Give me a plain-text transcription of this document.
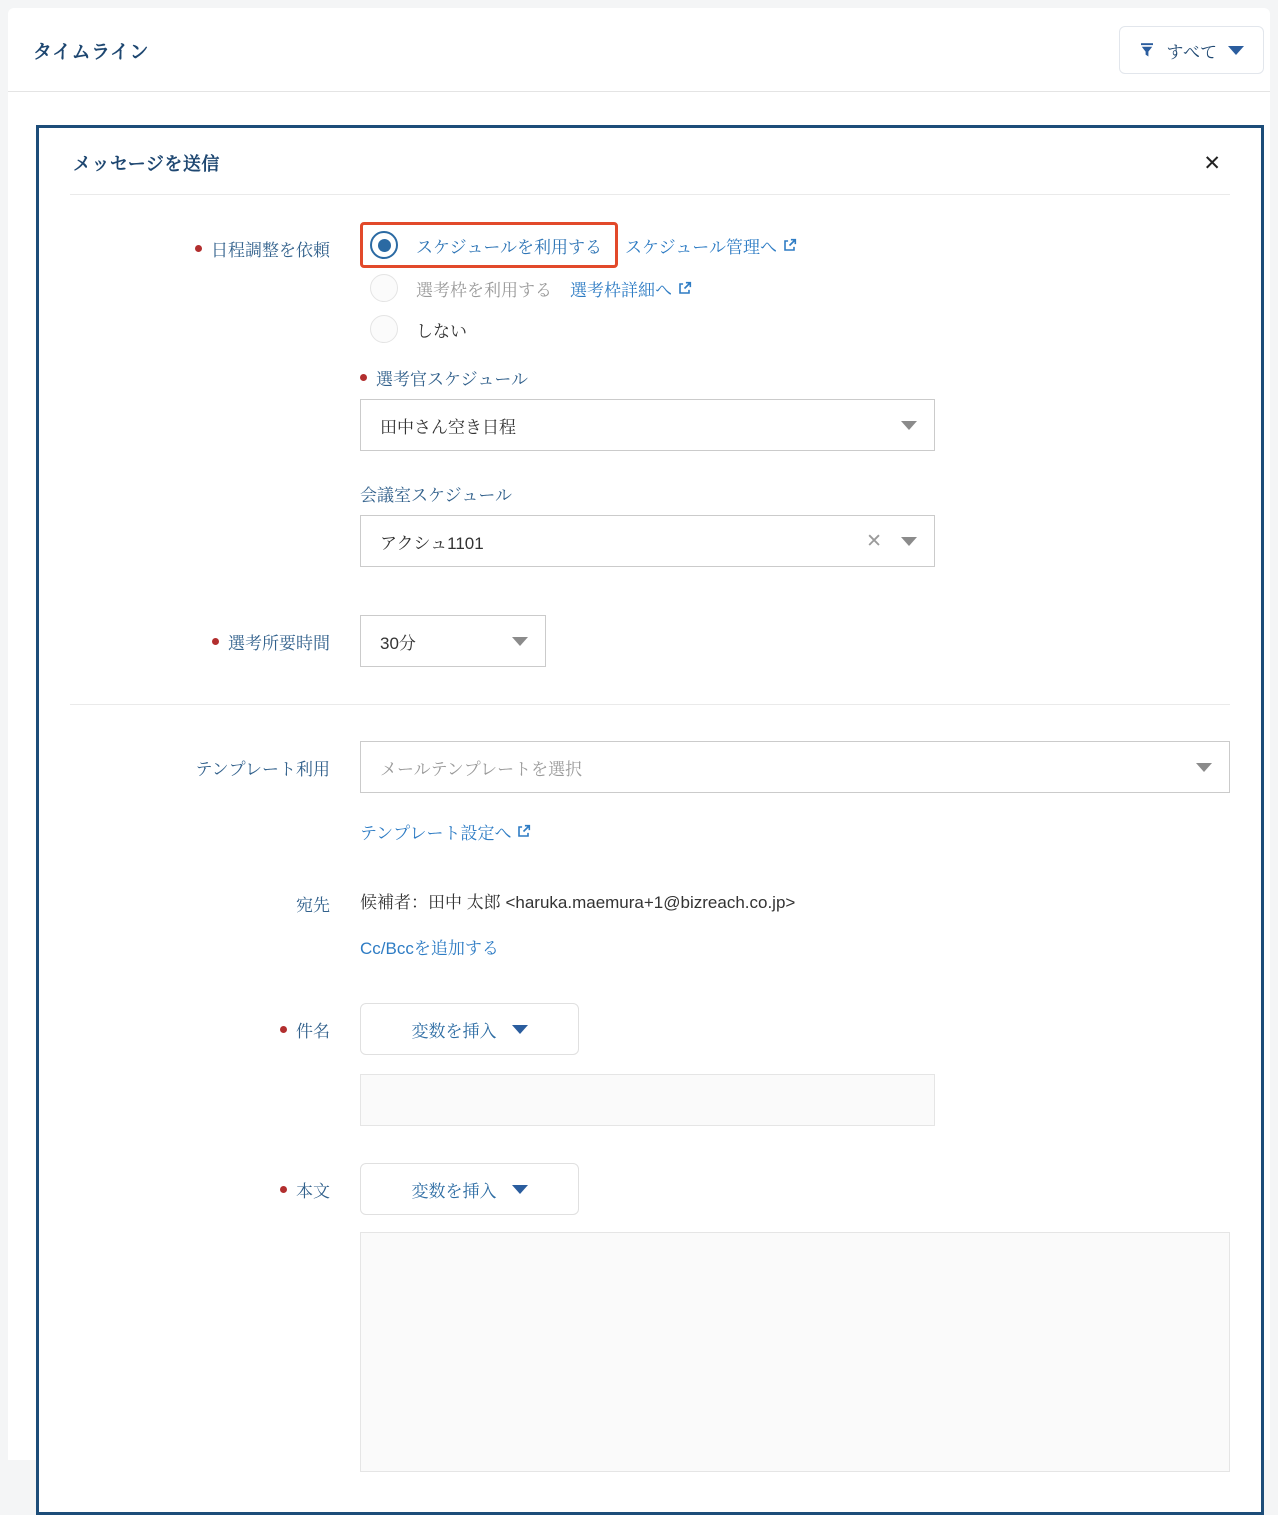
タイムライン	すべて
メッセージを送信	✕
日程調整を依頼	スケジュールを利用する スケジュール管理へ
選考枠を利用する 選考枠詳細へ
しない
選考官スケジュール
田中さん空き日程
会議室スケジュール
アクシュ1101	✕
選考所要時間	30分
テンプレート利用	メールテンプレートを選択
テンプレート設定へ
宛先 候補者：田中 太郎 <haruka.maemura+1@bizreach.co.jp>
Cc/Bccを追加する
件名	変数を挿入
本文	変数を挿入
